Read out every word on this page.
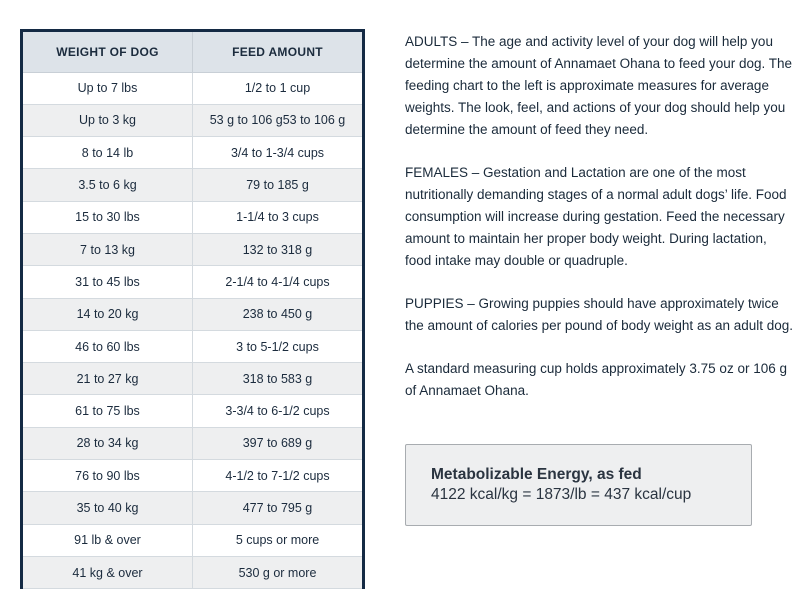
WEIGHT OF DOG	FEED AMOUNT
Up to 7 lbs	1/2 to 1 cup
Up to 3 kg	53 g to 106 g53 to 106 g
8 to 14 lb	3/4 to 1-3/4 cups
3.5 to 6 kg	79 to 185 g
15 to 30 lbs	1-1/4 to 3 cups
7 to 13 kg	132 to 318 g
31 to 45 lbs	2-1/4 to 4-1/4 cups
14 to 20 kg	238 to 450 g
46 to 60 lbs	3 to 5-1/2 cups
21 to 27 kg	318 to 583 g
61 to 75 lbs	3-3/4 to 6-1/2 cups
28 to 34 kg	397 to 689 g
76 to 90 lbs	4-1/2 to 7-1/2 cups
35 to 40 kg	477 to 795 g
91 lb & over	5 cups or more
41 kg & over	530 g or more

ADULTS – The age and activity level of your dog will help you determine the amount of Annamaet Ohana to feed your dog. The feeding chart to the left is approximate measures for average weights. The look, feel, and actions of your dog should help you determine the amount of feed they need.

FEMALES – Gestation and Lactation are one of the most nutritionally demanding stages of a normal adult dogs’ life. Food consumption will increase during gestation. Feed the necessary amount to maintain her proper body weight. During lactation, food intake may double or quadruple.

PUPPIES – Growing puppies should have approximately twice the amount of calories per pound of body weight as an adult dog.

A standard measuring cup holds approximately 3.75 oz or 106 g of Annamaet Ohana.

Metabolizable Energy, as fed
4122 kcal/kg = 1873/lb = 437 kcal/cup
